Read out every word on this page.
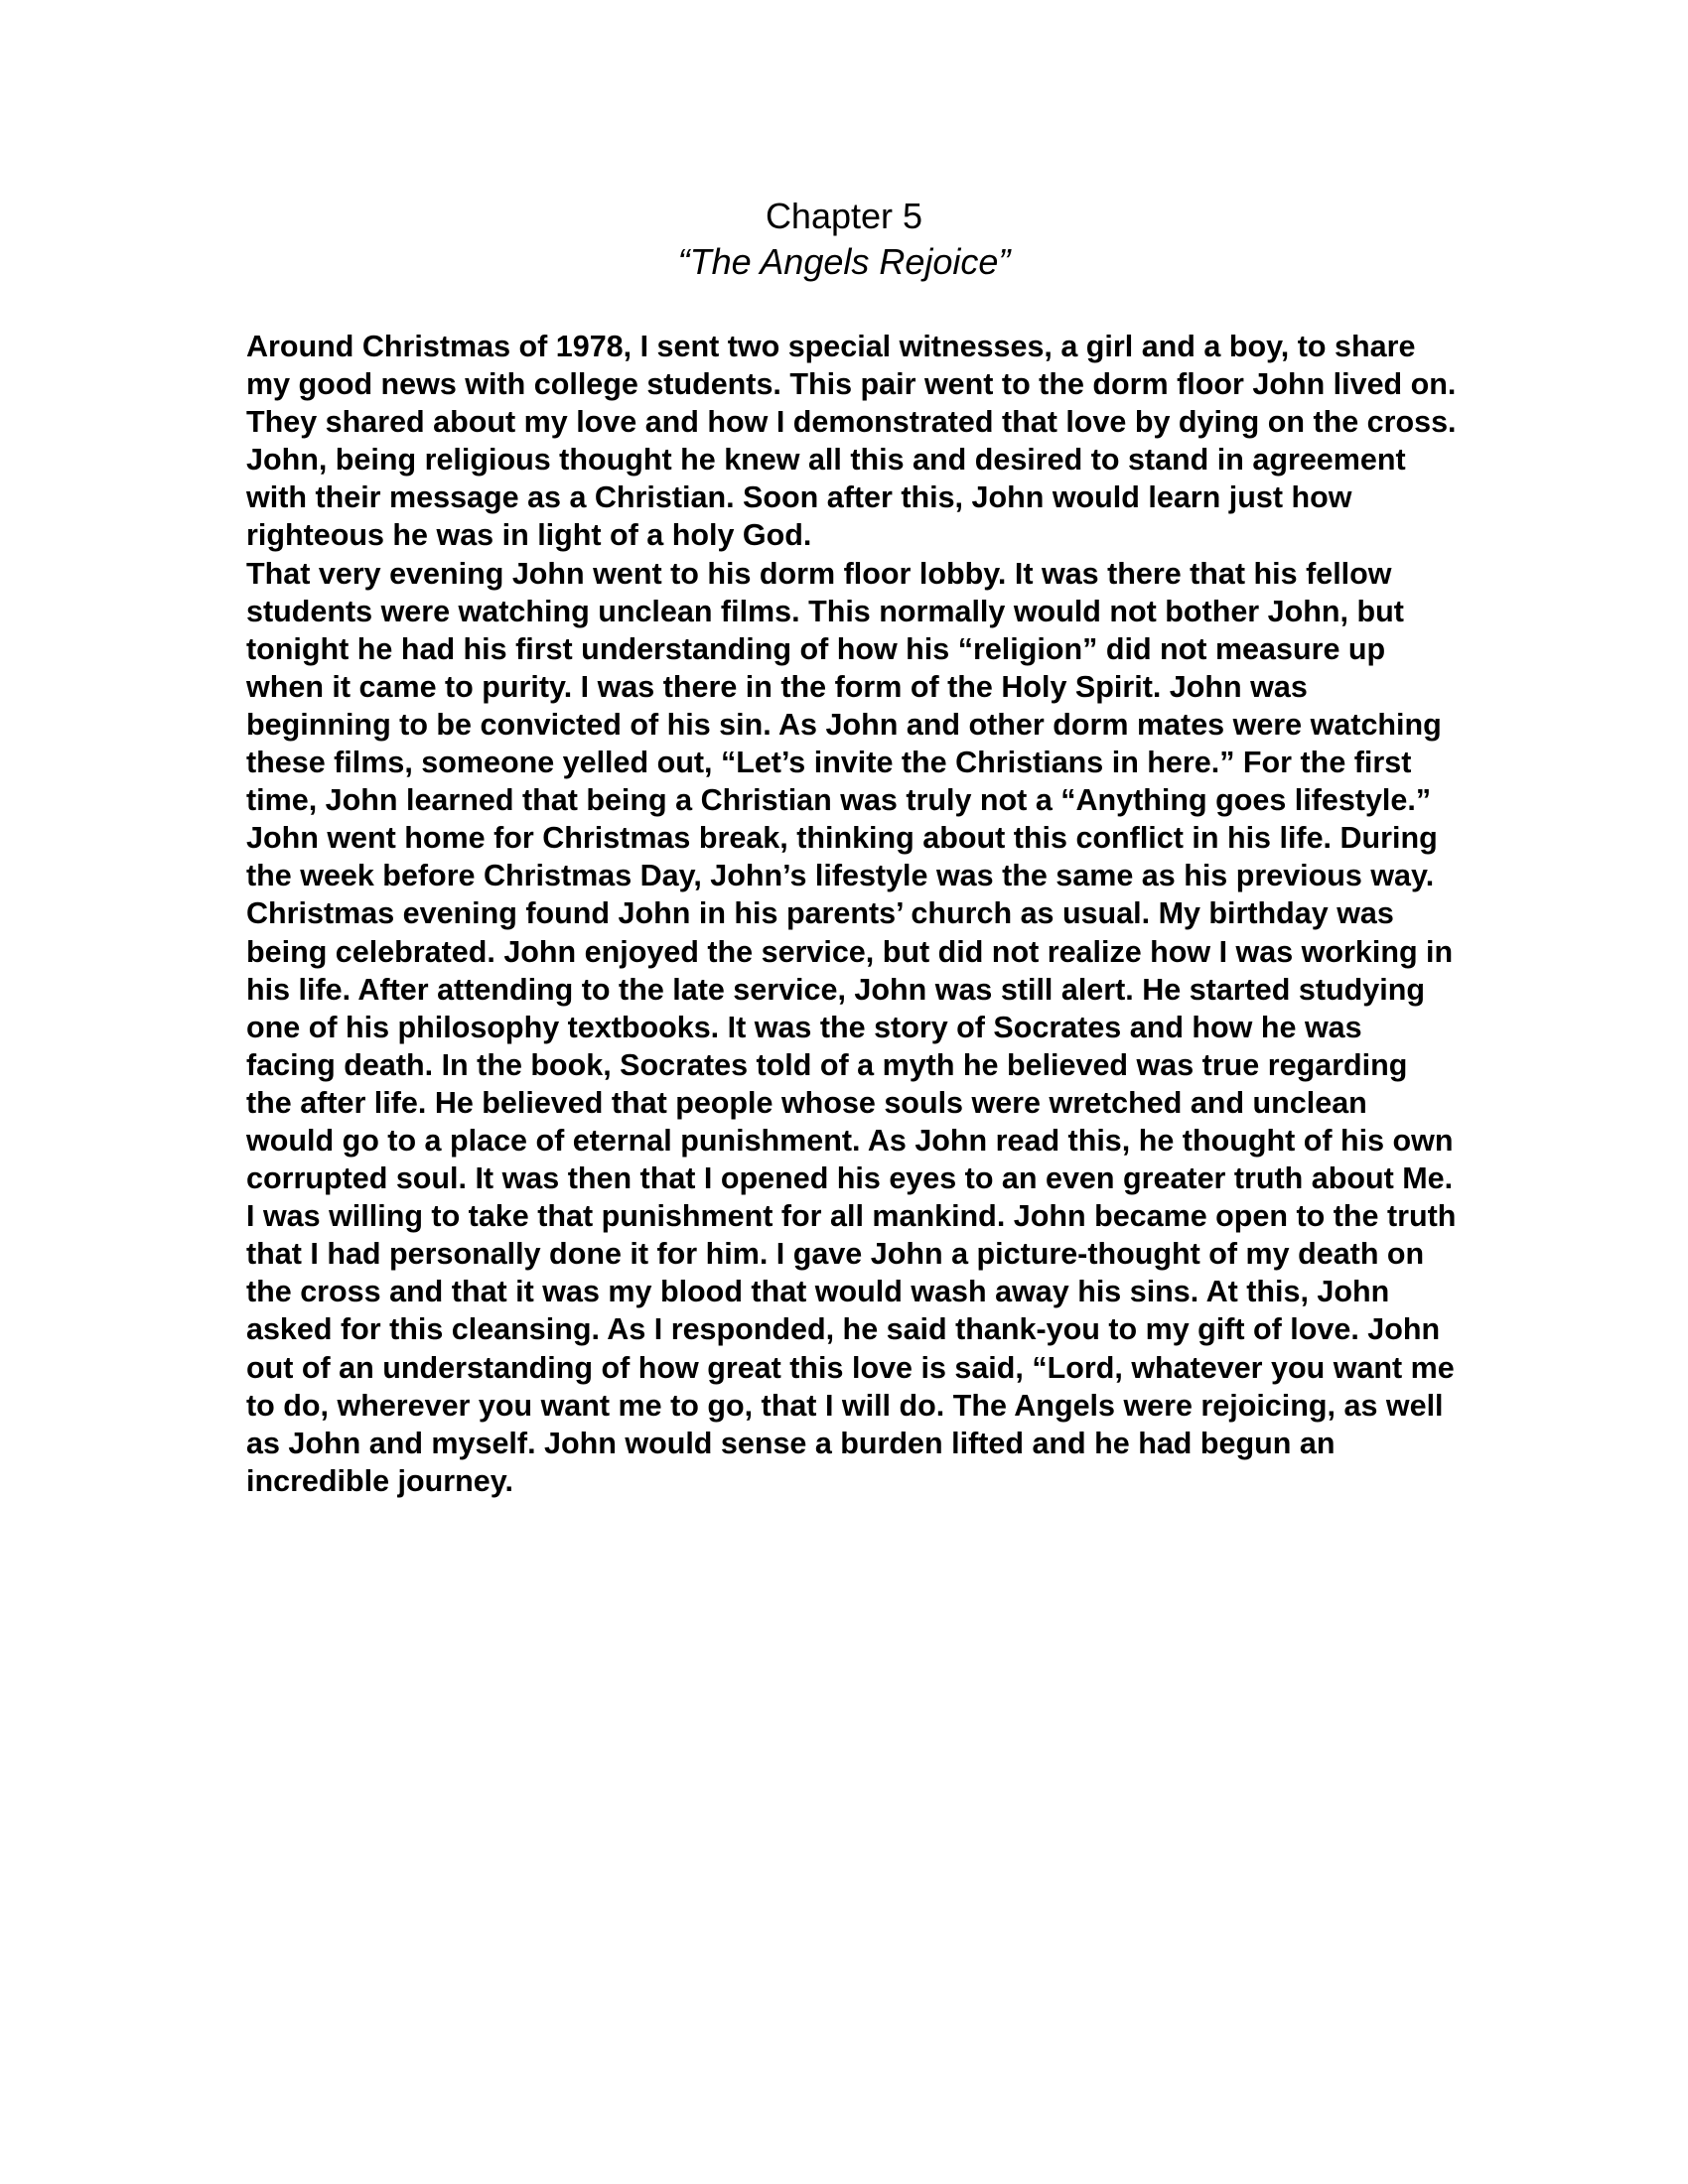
Chapter 5
“The Angels Rejoice”

Around Christmas of 1978, I sent two special witnesses, a girl and a boy, to share my good news with college students. This pair went to the dorm floor John lived on. They shared about my love and how I demonstrated that love by dying on the cross. John, being religious thought he knew all this and desired to stand in agreement with their message as a Christian. Soon after this, John would learn just how righteous he was in light of a holy God.

That very evening John went to his dorm floor lobby. It was there that his fellow students were watching unclean films. This normally would not bother John, but tonight he had his first understanding of how his “religion” did not measure up when it came to purity. I was there in the form of the Holy Spirit. John was beginning to be convicted of his sin. As John and other dorm mates were watching these films, someone yelled out, “Let’s invite the Christians in here.” For the first time, John learned that being a Christian was truly not a “Anything goes lifestyle.”

John went home for Christmas break, thinking about this conflict in his life. During the week before Christmas Day, John’s lifestyle was the same as his previous way. Christmas evening found John in his parents’ church as usual. My birthday was being celebrated. John enjoyed the service, but did not realize how I was working in his life. After attending to the late service, John was still alert. He started studying one of his philosophy textbooks. It was the story of Socrates and how he was facing death. In the book, Socrates told of a myth he believed was true regarding the after life. He believed that people whose souls were wretched and unclean would go to a place of eternal punishment. As John read this, he thought of his own corrupted soul. It was then that I opened his eyes to an even greater truth about Me. I was willing to take that punishment for all mankind. John became open to the truth that I had personally done it for him. I gave John a picture-thought of my death on the cross and that it was my blood that would wash away his sins. At this, John asked for this cleansing. As I responded, he said thank-you to my gift of love. John out of an understanding of how great this love is said, “Lord, whatever you want me to do, wherever you want me to go, that I will do. The Angels were rejoicing, as well as John and myself. John would sense a burden lifted and he had begun an incredible journey.
